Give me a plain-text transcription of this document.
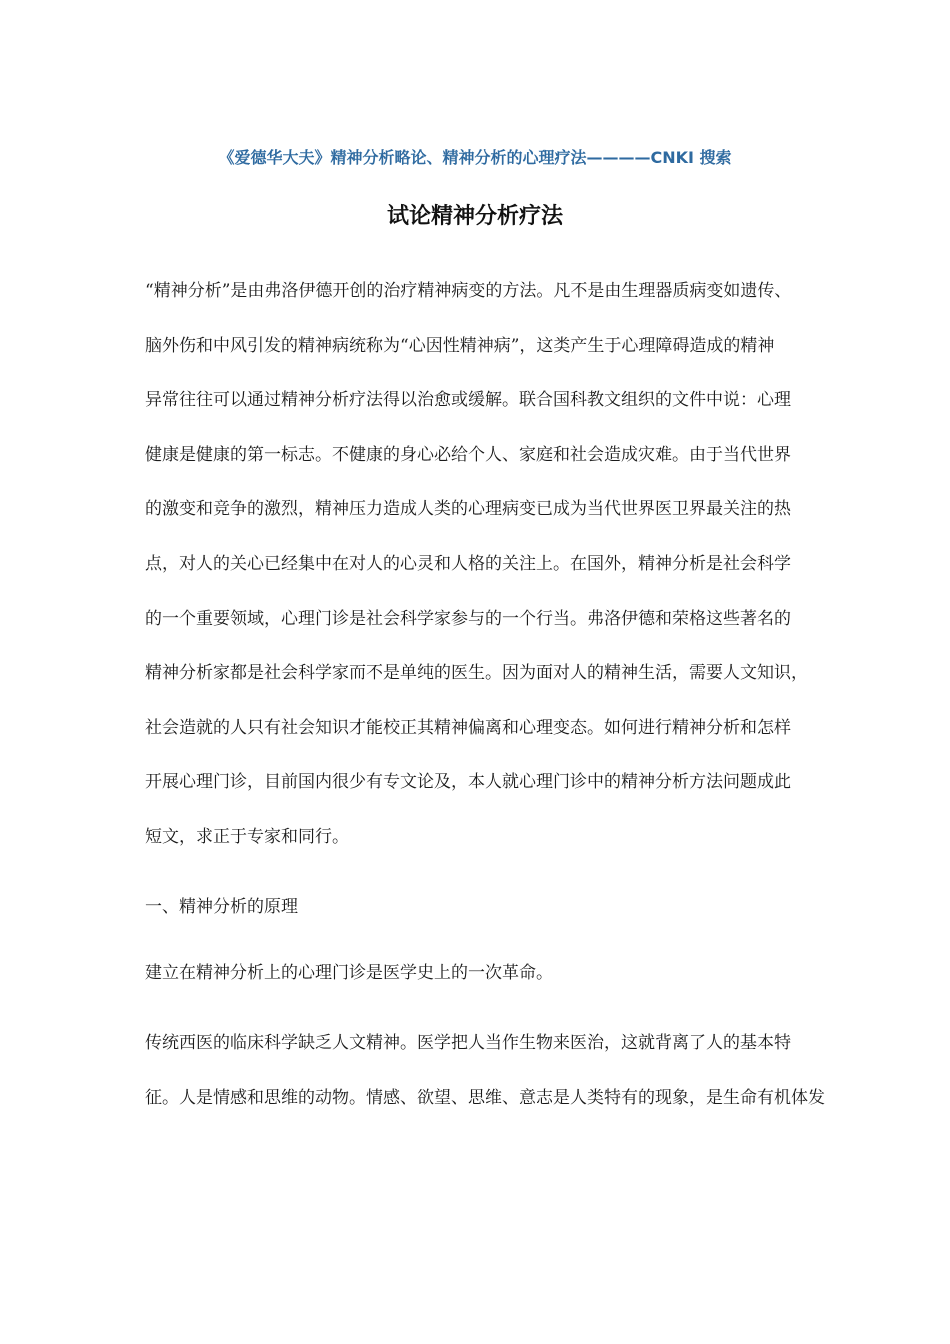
《爱德华大夫》精神分析略论、精神分析的心理疗法————CNKI 搜索
试论精神分析疗法

“精神分析”是由弗洛伊德开创的治疗精神病变的方法。凡不是由生理器质病变如遗传、
脑外伤和中风引发的精神病统称为“心因性精神病”，这类产生于心理障碍造成的精神
异常往往可以通过精神分析疗法得以治愈或缓解。联合国科教文组织的文件中说：心理
健康是健康的第一标志。不健康的身心必给个人、家庭和社会造成灾难。由于当代世界
的激变和竞争的激烈，精神压力造成人类的心理病变已成为当代世界医卫界最关注的热
点，对人的关心已经集中在对人的心灵和人格的关注上。在国外，精神分析是社会科学
的一个重要领域，心理门诊是社会科学家参与的一个行当。弗洛伊德和荣格这些著名的
精神分析家都是社会科学家而不是单纯的医生。因为面对人的精神生活，需要人文知识，
社会造就的人只有社会知识才能校正其精神偏离和心理变态。如何进行精神分析和怎样
开展心理门诊，目前国内很少有专文论及，本人就心理门诊中的精神分析方法问题成此
短文，求正于专家和同行。

一、精神分析的原理

建立在精神分析上的心理门诊是医学史上的一次革命。

传统西医的临床科学缺乏人文精神。医学把人当作生物来医治，这就背离了人的基本特
征。人是情感和思维的动物。情感、欲望、思维、意志是人类特有的现象，是生命有机体发
